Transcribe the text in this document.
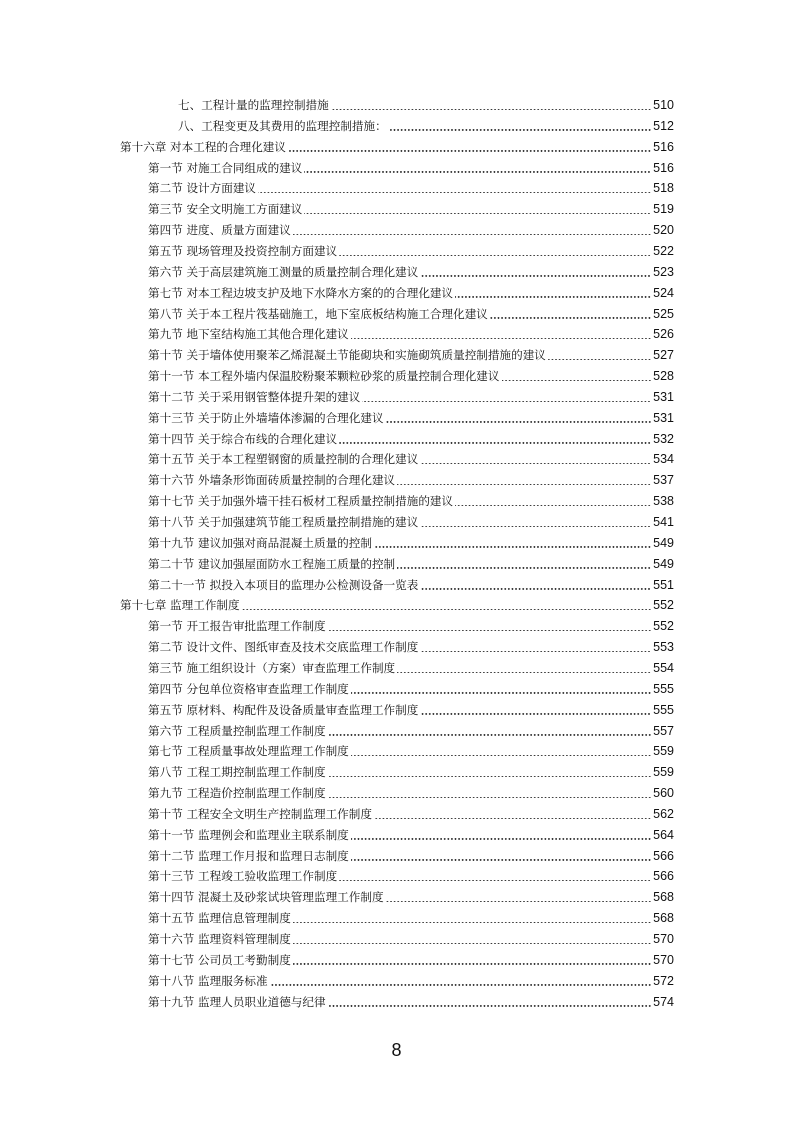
七、工程计量的监理控制措施	510
八、工程变更及其费用的监理控制措施：	512
第十六章 对本工程的合理化建议	516
第一节 对施工合同组成的建议	516
第二节 设计方面建议	518
第三节 安全文明施工方面建议	519
第四节 进度、质量方面建议	520
第五节 现场管理及投资控制方面建议	522
第六节 关于高层建筑施工测量的质量控制合理化建议	523
第七节 对本工程边坡支护及地下水降水方案的的合理化建议	524
第八节 关于本工程片筏基础施工，地下室底板结构施工合理化建议	525
第九节 地下室结构施工其他合理化建议	526
第十节 关于墙体使用聚苯乙烯混凝土节能砌块和实施砌筑质量控制措施的建议	527
第十一节 本工程外墙内保温胶粉聚苯颗粒砂浆的质量控制合理化建议	528
第十二节 关于采用钢管整体提升架的建议	531
第十三节 关于防止外墙墙体渗漏的合理化建议	531
第十四节 关于综合布线的合理化建议	532
第十五节 关于本工程塑钢窗的质量控制的合理化建议	534
第十六节 外墙条形饰面砖质量控制的合理化建议	537
第十七节 关于加强外墙干挂石板材工程质量控制措施的建议	538
第十八节 关于加强建筑节能工程质量控制措施的建议	541
第十九节 建议加强对商品混凝土质量的控制	549
第二十节 建议加强屋面防水工程施工质量的控制	549
第二十一节 拟投入本项目的监理办公检测设备一览表	551
第十七章 监理工作制度	552
第一节 开工报告审批监理工作制度	552
第二节 设计文件、图纸审查及技术交底监理工作制度	553
第三节 施工组织设计（方案）审查监理工作制度	554
第四节 分包单位资格审查监理工作制度	555
第五节 原材料、构配件及设备质量审查监理工作制度	555
第六节 工程质量控制监理工作制度	557
第七节 工程质量事故处理监理工作制度	559
第八节 工程工期控制监理工作制度	559
第九节 工程造价控制监理工作制度	560
第十节 工程安全文明生产控制监理工作制度	562
第十一节 监理例会和监理业主联系制度	564
第十二节 监理工作月报和监理日志制度	566
第十三节 工程竣工验收监理工作制度	566
第十四节 混凝土及砂浆试块管理监理工作制度	568
第十五节 监理信息管理制度	568
第十六节 监理资料管理制度	570
第十七节 公司员工考勤制度	570
第十八节 监理服务标准	572
第十九节 监理人员职业道德与纪律	574
8
